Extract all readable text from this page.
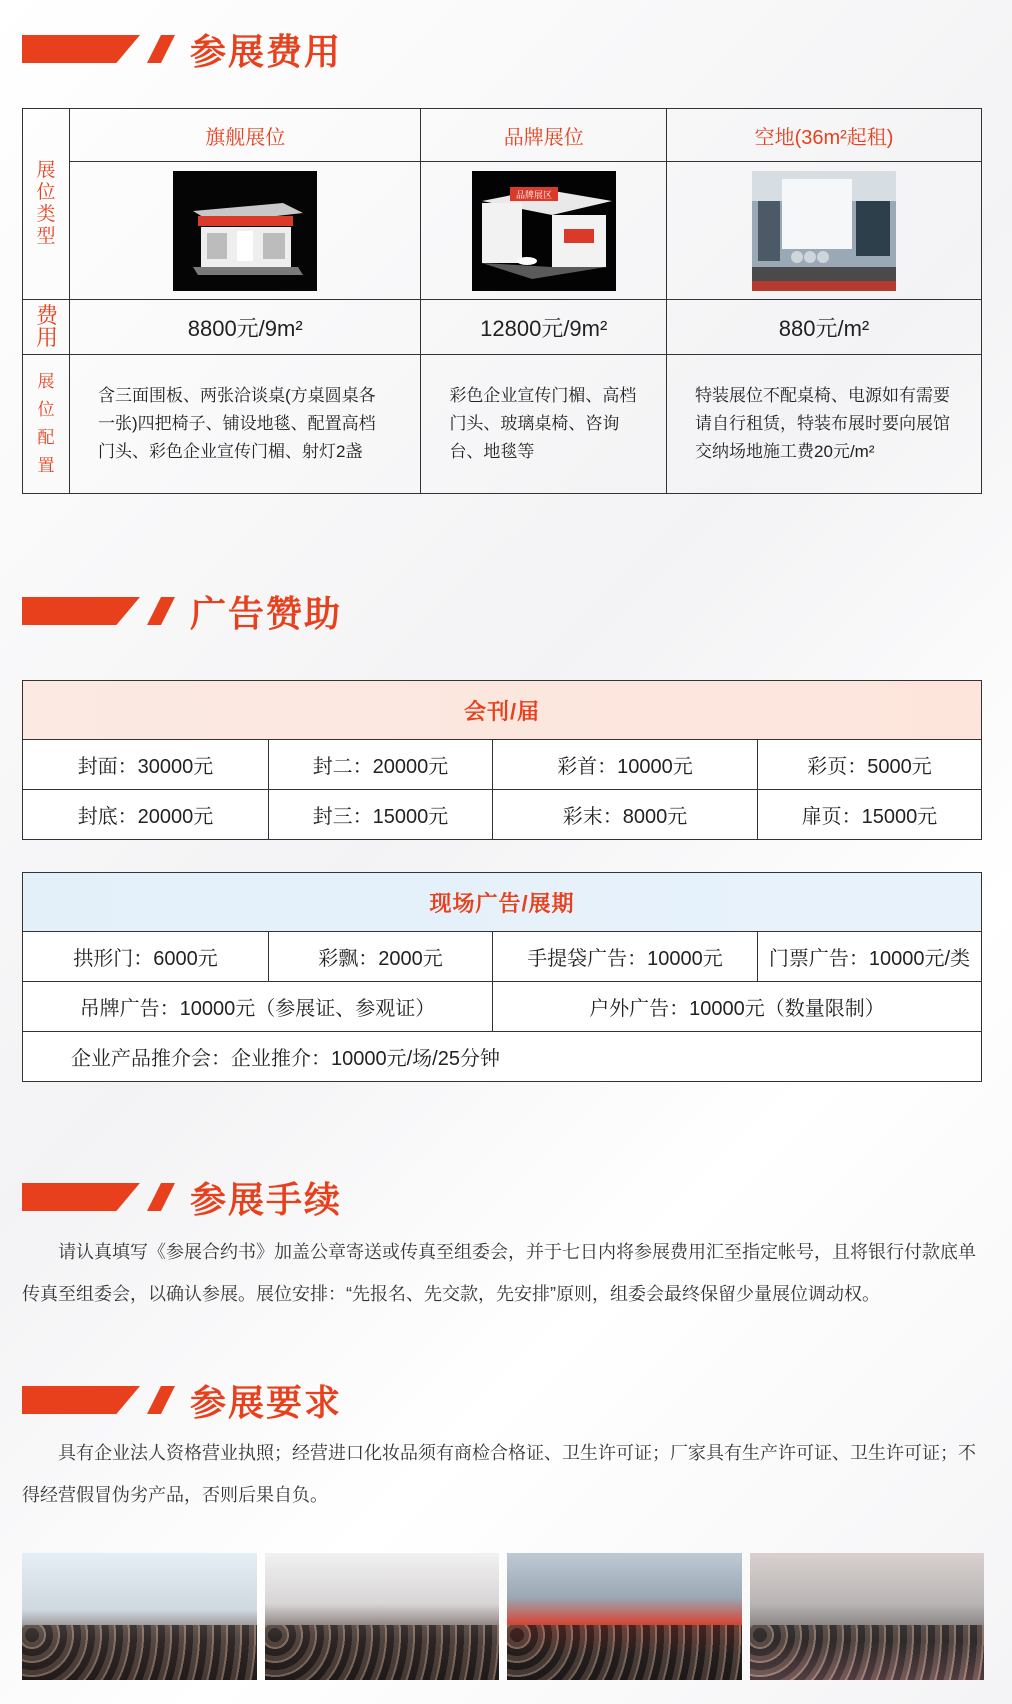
参展费用
展位类型	旗舰展位	品牌展位	空地(36m²起租)

品牌展区

费用	8800元/9m²	12800元/9m²	880元/m²
展位配置	含三面围板、两张洽谈桌(方桌圆桌各一张)四把椅子、铺设地毯、配置高档门头、彩色企业宣传门楣、射灯2盏	彩色企业宣传门楣、高档门头、玻璃桌椅、咨询台、地毯等	特装展位不配桌椅、电源如有需要请自行租赁，特装布展时要向展馆交纳场地施工费20元/m²
广告赞助
会刊/届			
封面：30000元	封二：20000元	彩首：10000元	彩页：5000元
封底：20000元	封三：15000元	彩末：8000元	扉页：15000元
现场广告/展期			
拱形门：6000元	彩飘：2000元	手提袋广告：10000元	门票广告：10000元/类
吊牌广告：10000元（参展证、参观证）		户外广告：10000元（数量限制）	
企业产品推介会：企业推介：10000元/场/25分钟			
参展手续
请认真填写《参展合约书》加盖公章寄送或传真至组委会，并于七日内将参展费用汇至指定帐号，且将银行付款底单传真至组委会，以确认参展。展位安排：“先报名、先交款，先安排”原则，组委会最终保留少量展位调动权。
参展要求
具有企业法人资格营业执照；经营进口化妆品须有商检合格证、卫生许可证；厂家具有生产许可证、卫生许可证；不得经营假冒伪劣产品，否则后果自负。
